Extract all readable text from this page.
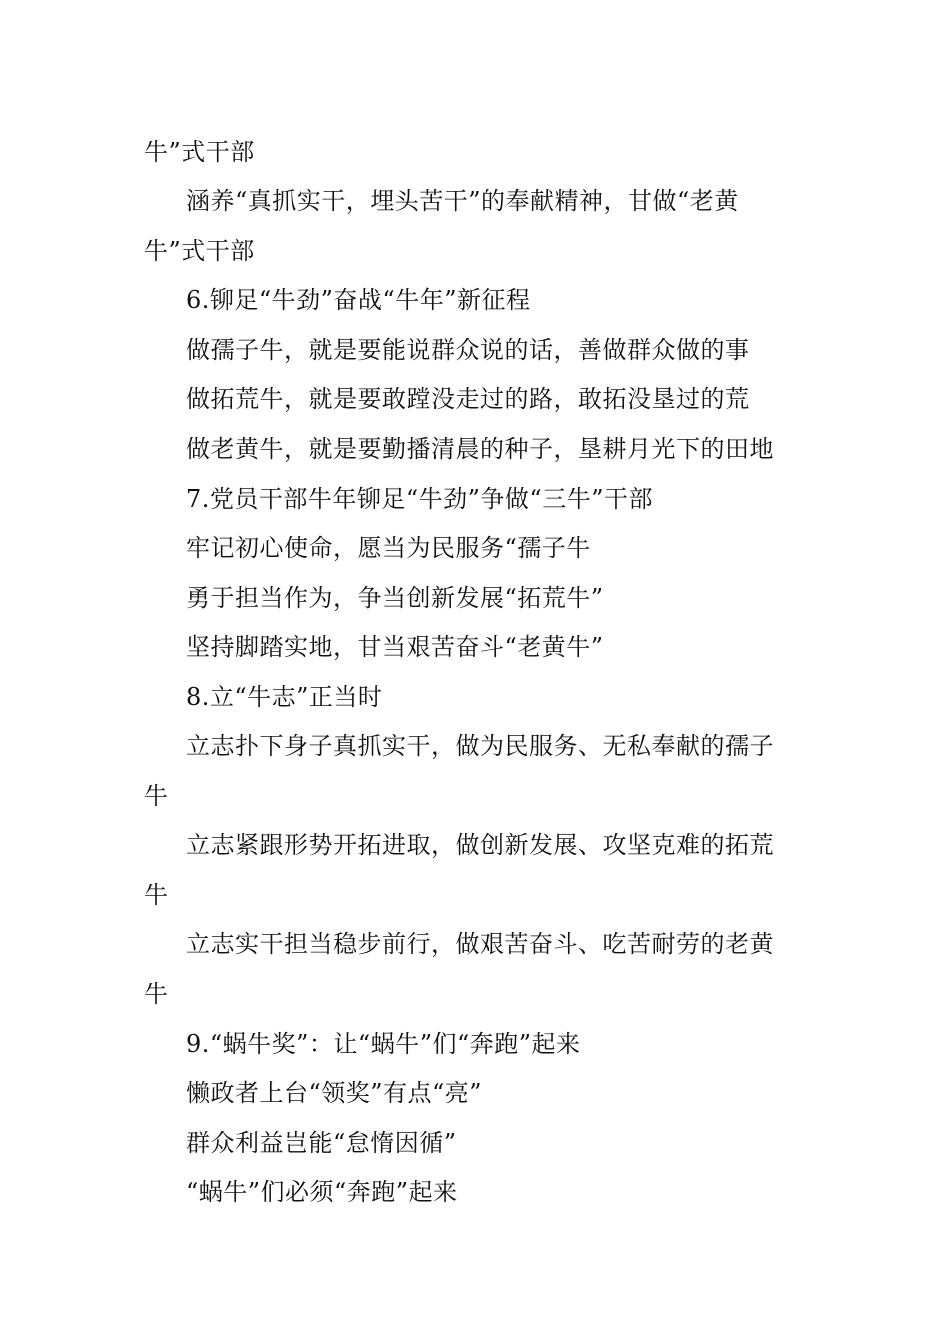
牛”式干部
涵养“真抓实干，埋头苦干”的奉献精神，甘做“老黄
牛”式干部
6.铆足“牛劲”奋战“牛年”新征程
做孺子牛，就是要能说群众说的话，善做群众做的事
做拓荒牛，就是要敢蹚没走过的路，敢拓没垦过的荒
做老黄牛，就是要勤播清晨的种子，垦耕月光下的田地
7.党员干部牛年铆足“牛劲”争做“三牛”干部
牢记初心使命，愿当为民服务“孺子牛
勇于担当作为，争当创新发展“拓荒牛”
坚持脚踏实地，甘当艰苦奋斗“老黄牛”
8.立“牛志”正当时
立志扑下身子真抓实干，做为民服务、无私奉献的孺子
牛
立志紧跟形势开拓进取，做创新发展、攻坚克难的拓荒
牛
立志实干担当稳步前行，做艰苦奋斗、吃苦耐劳的老黄
牛
9.“蜗牛奖”：让“蜗牛”们“奔跑”起来
懒政者上台“领奖”有点“亮”
群众利益岂能“怠惰因循”
“蜗牛”们必须“奔跑”起来
